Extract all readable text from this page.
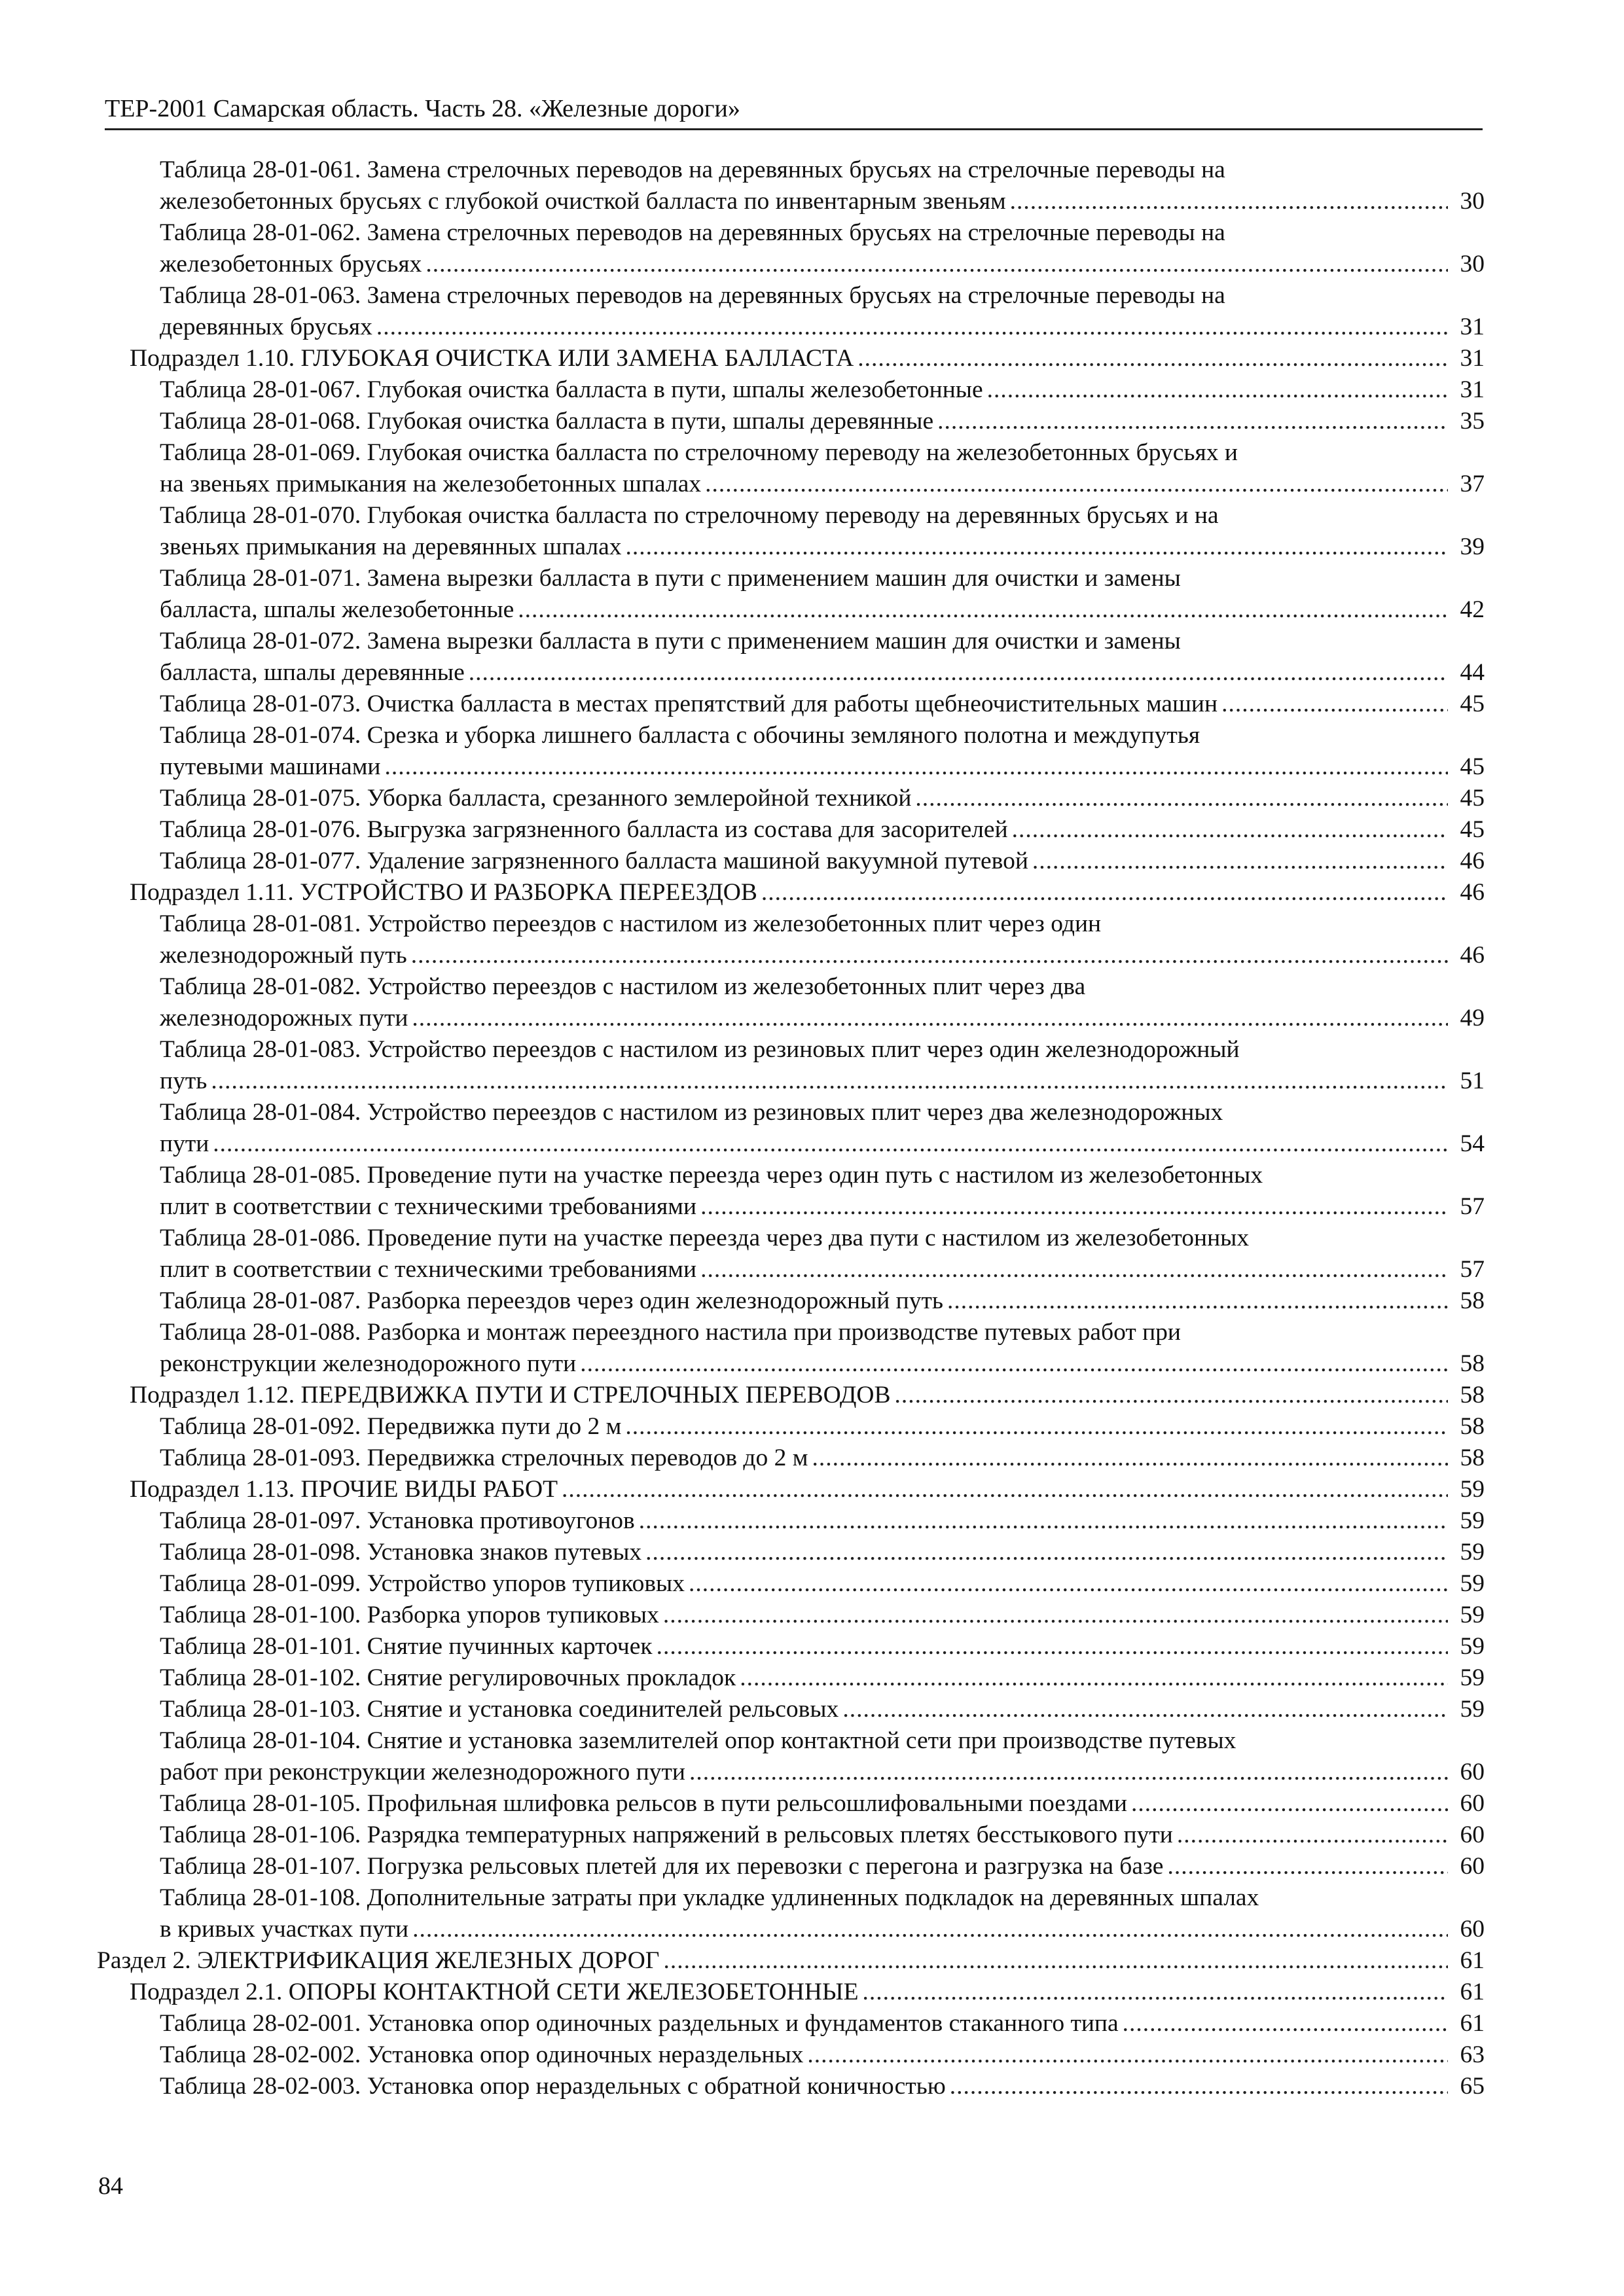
ТЕР-2001 Самарская область. Часть 28. «Железные дороги»
Таблица 28-01-061. Замена стрелочных переводов на деревянных брусьях на стрелочные переводы на
железобетонных брусьях с глубокой очисткой балласта по инвентарным звеньям .....	30
Таблица 28-01-062. Замена стрелочных переводов на деревянных брусьях на стрелочные переводы на
железобетонных брусьях .....	30
Таблица 28-01-063. Замена стрелочных переводов на деревянных брусьях на стрелочные переводы на
деревянных брусьях .....	31
Подраздел 1.10. ГЛУБОКАЯ ОЧИСТКА ИЛИ ЗАМЕНА БАЛЛАСТА .....	31
Таблица 28-01-067. Глубокая очистка балласта в пути, шпалы железобетонные .....	31
Таблица 28-01-068. Глубокая очистка балласта в пути, шпалы деревянные .....	35
Таблица 28-01-069. Глубокая очистка балласта по стрелочному переводу на железобетонных брусьях и
на звеньях примыкания на железобетонных шпалах .....	37
Таблица 28-01-070. Глубокая очистка балласта по стрелочному переводу на деревянных брусьях и на
звеньях примыкания на деревянных шпалах .....	39
Таблица 28-01-071. Замена вырезки балласта в пути с применением машин для очистки и замены
балласта, шпалы железобетонные .....	42
Таблица 28-01-072. Замена вырезки балласта в пути с применением машин для очистки и замены
балласта, шпалы деревянные .....	44
Таблица 28-01-073. Очистка балласта в местах препятствий для работы щебнеочистительных машин .....	45
Таблица 28-01-074. Срезка и уборка лишнего балласта с обочины земляного полотна и междупутья
путевыми машинами .....	45
Таблица 28-01-075. Уборка балласта, срезанного землеройной техникой .....	45
Таблица 28-01-076. Выгрузка загрязненного балласта из состава для засорителей .....	45
Таблица 28-01-077. Удаление загрязненного балласта машиной вакуумной путевой .....	46
Подраздел 1.11. УСТРОЙСТВО И РАЗБОРКА ПЕРЕЕЗДОВ .....	46
Таблица 28-01-081. Устройство переездов с настилом из железобетонных плит через один
железнодорожный путь .....	46
Таблица 28-01-082. Устройство переездов с настилом из железобетонных плит через два
железнодорожных пути .....	49
Таблица 28-01-083. Устройство переездов с настилом из резиновых плит через один железнодорожный
путь .....	51
Таблица 28-01-084. Устройство переездов с настилом из резиновых плит через два железнодорожных
пути .....	54
Таблица 28-01-085. Проведение пути на участке переезда через один путь с настилом из железобетонных
плит в соответствии с техническими требованиями .....	57
Таблица 28-01-086. Проведение пути на участке переезда через два пути с настилом из железобетонных
плит в соответствии с техническими требованиями .....	57
Таблица 28-01-087. Разборка переездов через один железнодорожный путь .....	58
Таблица 28-01-088. Разборка и монтаж переездного настила при производстве путевых работ при
реконструкции железнодорожного пути .....	58
Подраздел 1.12. ПЕРЕДВИЖКА ПУТИ И СТРЕЛОЧНЫХ ПЕРЕВОДОВ .....	58
Таблица 28-01-092. Передвижка пути до 2 м .....	58
Таблица 28-01-093. Передвижка стрелочных переводов до 2 м .....	58
Подраздел 1.13. ПРОЧИЕ ВИДЫ РАБОТ .....	59
Таблица 28-01-097. Установка противоугонов .....	59
Таблица 28-01-098. Установка знаков путевых .....	59
Таблица 28-01-099. Устройство упоров тупиковых .....	59
Таблица 28-01-100. Разборка упоров тупиковых .....	59
Таблица 28-01-101. Снятие пучинных карточек .....	59
Таблица 28-01-102. Снятие регулировочных прокладок .....	59
Таблица 28-01-103. Снятие и установка соединителей рельсовых .....	59
Таблица 28-01-104. Снятие и установка заземлителей опор контактной сети при производстве путевых
работ при реконструкции железнодорожного пути .....	60
Таблица 28-01-105. Профильная шлифовка рельсов в пути рельсошлифовальными поездами .....	60
Таблица 28-01-106. Разрядка температурных напряжений в рельсовых плетях бесстыкового пути .....	60
Таблица 28-01-107. Погрузка рельсовых плетей для их перевозки с перегона и разгрузка на базе .....	60
Таблица 28-01-108. Дополнительные затраты при укладке удлиненных подкладок на деревянных шпалах
в кривых участках пути .....	60
Раздел 2. ЭЛЕКТРИФИКАЦИЯ ЖЕЛЕЗНЫХ ДОРОГ .....	61
Подраздел 2.1. ОПОРЫ КОНТАКТНОЙ СЕТИ ЖЕЛЕЗОБЕТОННЫЕ .....	61
Таблица 28-02-001. Установка опор одиночных раздельных и фундаментов стаканного типа .....	61
Таблица 28-02-002. Установка опор одиночных нераздельных .....	63
Таблица 28-02-003. Установка опор нераздельных с обратной коничностью .....	65
84
